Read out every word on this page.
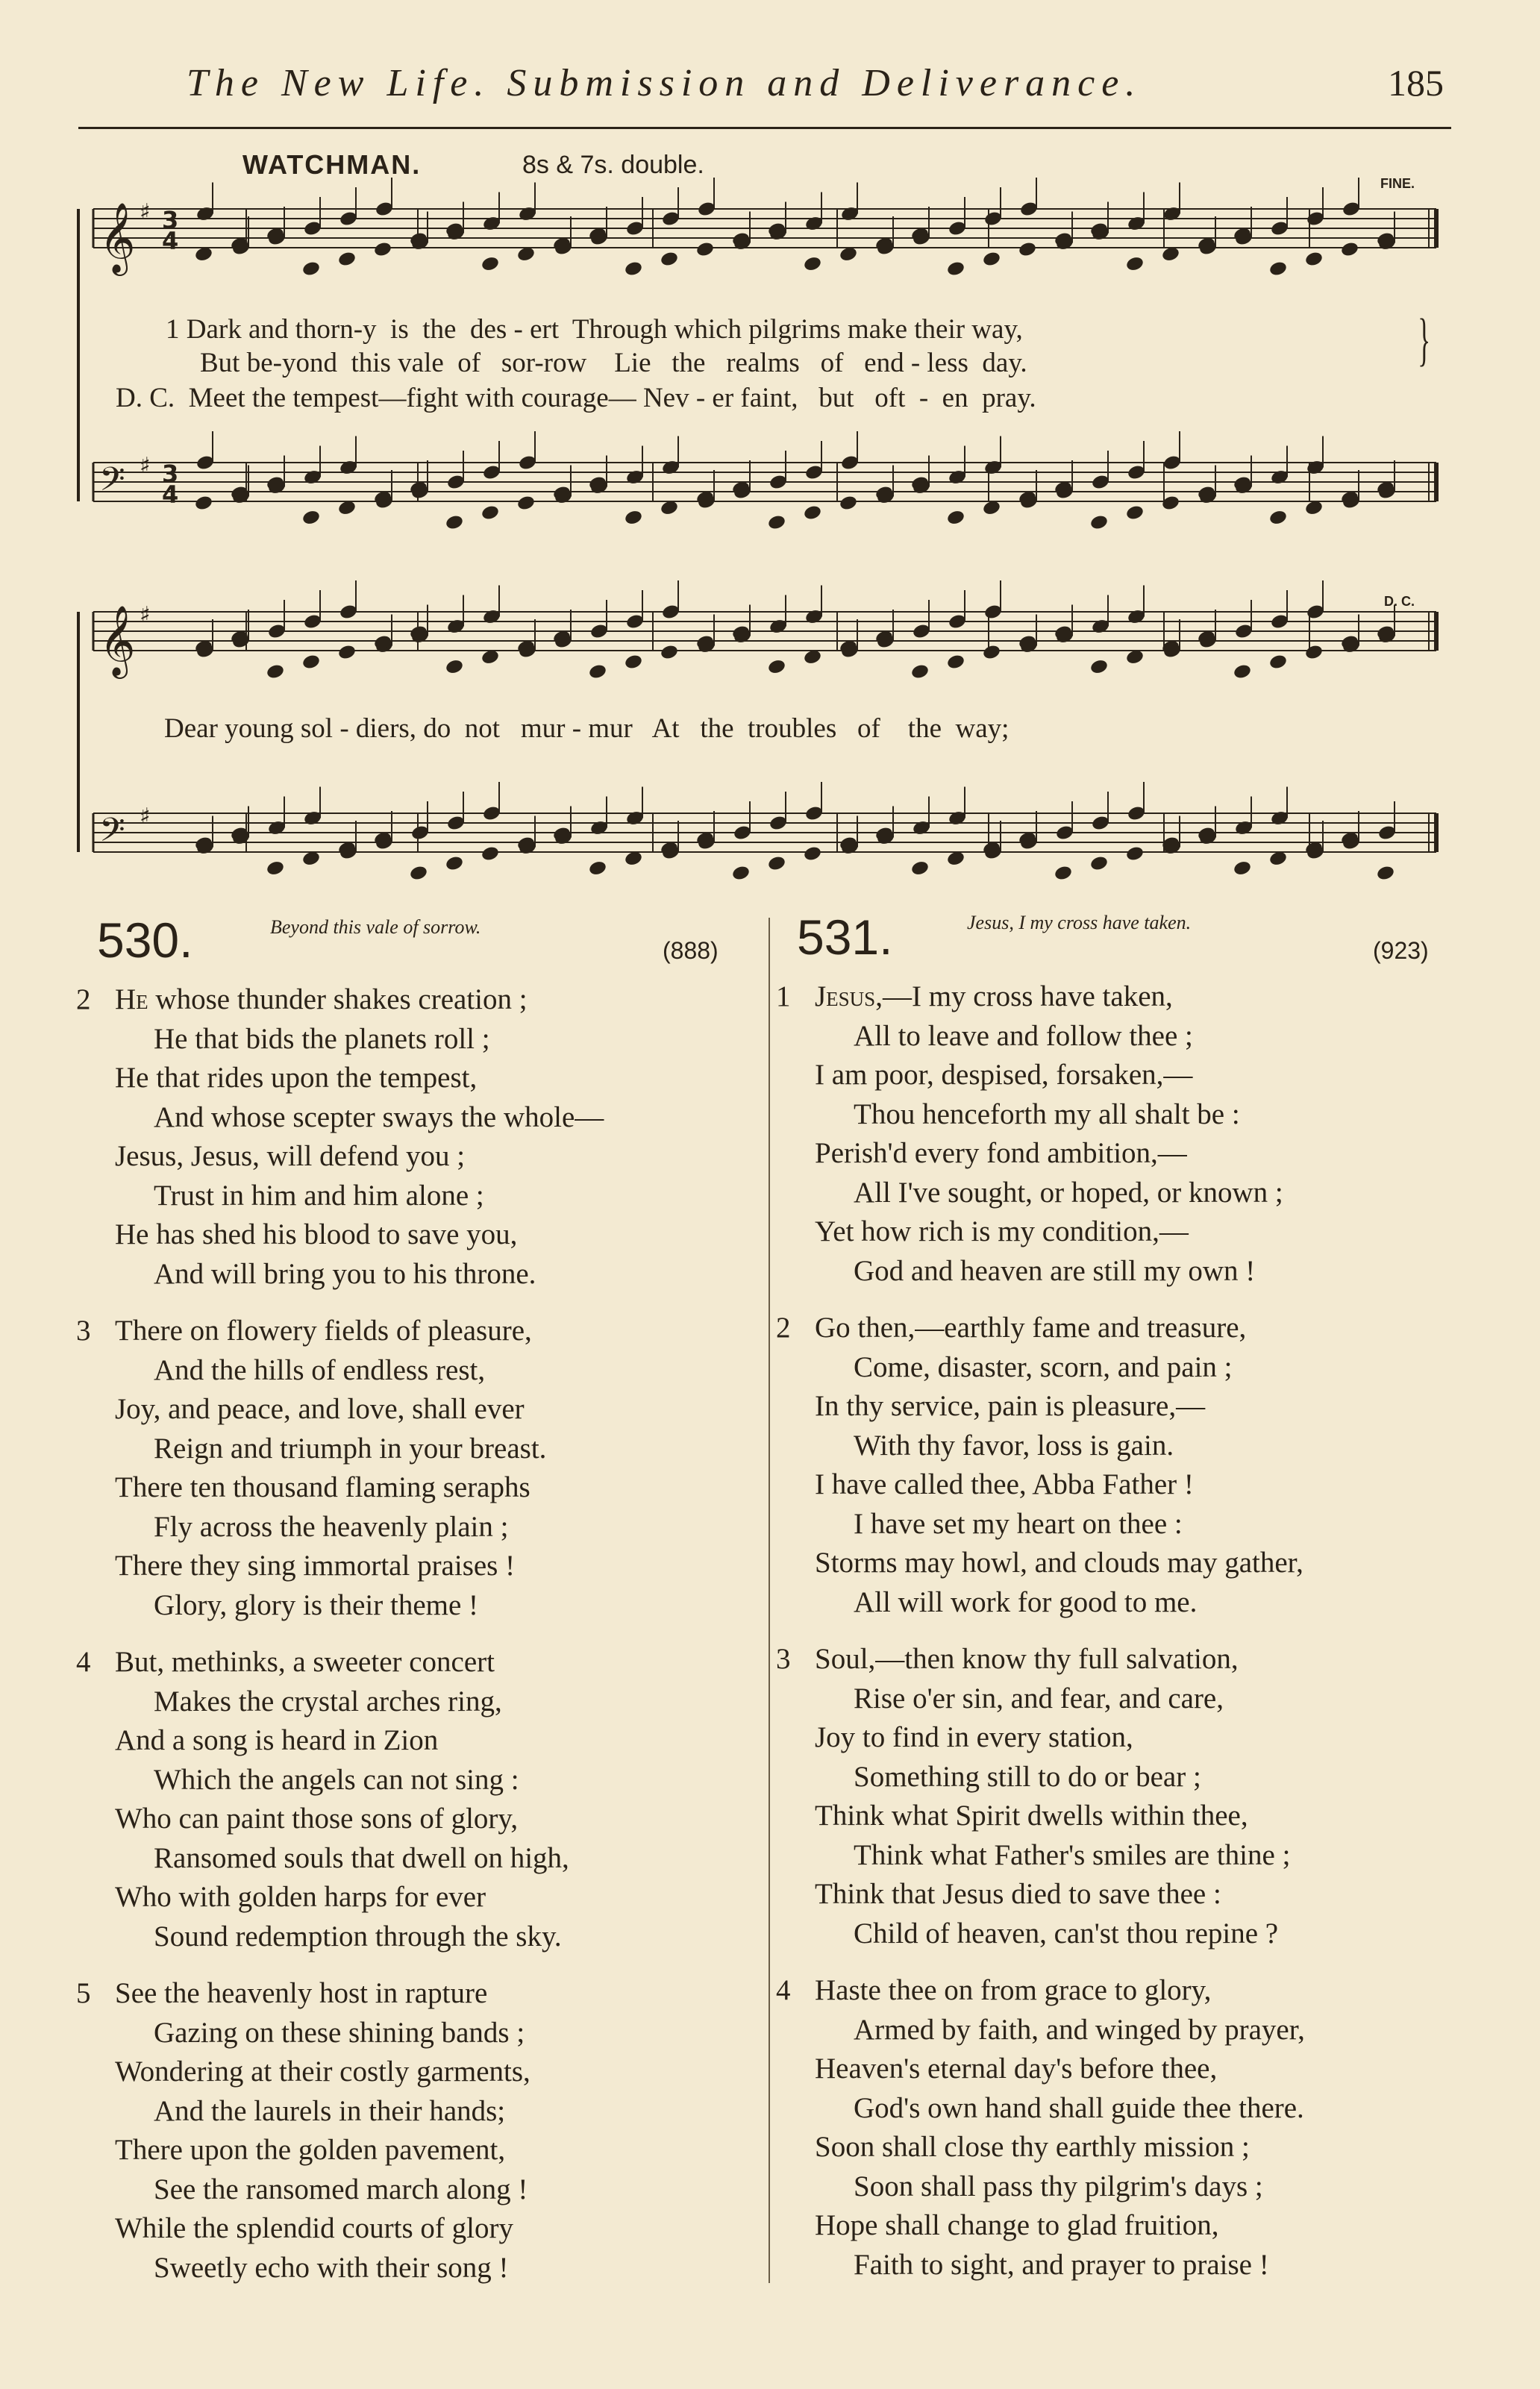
The New Life. Submission and Deliverance.	185
WATCHMAN.	8s & 7s. double.
FINE.
D. C.
𝄞 ♯ 3
4
𝄢 ♯ 3
4
𝄞 ♯
𝄢 ♯
1 Dark and thorn-y  is  the  des - ert  Through which pilgrims make their way,
But be-yond  this vale  of   sor-row    Lie   the   realms   of   end - less  day.
D. C.  Meet the tempest—fight with courage— Nev - er faint,   but   oft  -  en  pray.
}
Dear young sol - diers, do  not   mur - mur   At   the  troubles   of    the  way;
530.	Beyond this vale of sorrow.
(888)
2 He whose thunder shakes creation ;
He that bids the planets roll ;
He that rides upon the tempest,
And whose scepter sways the whole—
Jesus, Jesus, will defend you ;
Trust in him and him alone ;
He has shed his blood to save you,
And will bring you to his throne.
3 There on flowery fields of pleasure,
And the hills of endless rest,
Joy, and peace, and love, shall ever
Reign and triumph in your breast.
There ten thousand flaming seraphs
Fly across the heavenly plain ;
There they sing immortal praises !
Glory, glory is their theme !
4 But, methinks, a sweeter concert
Makes the crystal arches ring,
And a song is heard in Zion
Which the angels can not sing :
Who can paint those sons of glory,
Ransomed souls that dwell on high,
Who with golden harps for ever
Sound redemption through the sky.
5 See the heavenly host in rapture
Gazing on these shining bands ;
Wondering at their costly garments,
And the laurels in their hands;
There upon the golden pavement,
See the ransomed march along !
While the splendid courts of glory
Sweetly echo with their song !
531.	Jesus, I my cross have taken.
(923)
1 Jesus,—I my cross have taken,
All to leave and follow thee ;
I am poor, despised, forsaken,—
Thou henceforth my all shalt be :
Perish'd every fond ambition,—
All I've sought, or hoped, or known ;
Yet how rich is my condition,—
God and heaven are still my own !
2 Go then,—earthly fame and treasure,
Come, disaster, scorn, and pain ;
In thy service, pain is pleasure,—
With thy favor, loss is gain.
I have called thee, Abba Father !
I have set my heart on thee :
Storms may howl, and clouds may gather,
All will work for good to me.
3 Soul,—then know thy full salvation,
Rise o'er sin, and fear, and care,
Joy to find in every station,
Something still to do or bear ;
Think what Spirit dwells within thee,
Think what Father's smiles are thine ;
Think that Jesus died to save thee :
Child of heaven, can'st thou repine ?
4 Haste thee on from grace to glory,
Armed by faith, and winged by prayer,
Heaven's eternal day's before thee,
God's own hand shall guide thee there.
Soon shall close thy earthly mission ;
Soon shall pass thy pilgrim's days ;
Hope shall change to glad fruition,
Faith to sight, and prayer to praise !
